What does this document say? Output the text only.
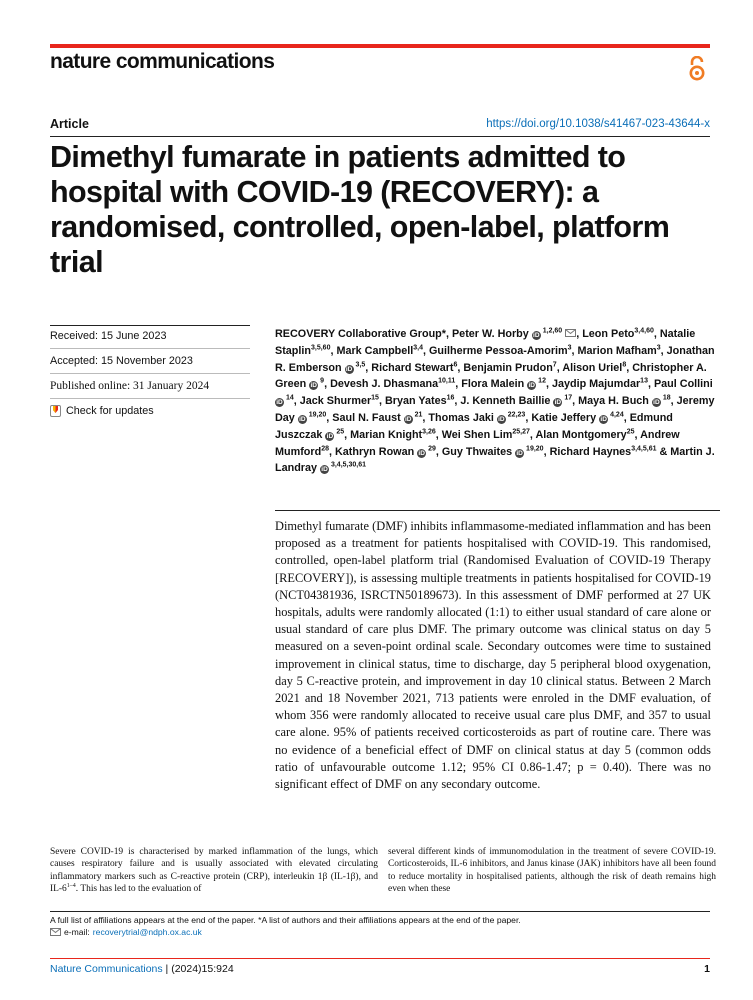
nature communications
Article	https://doi.org/10.1038/s41467-023-43644-x
Dimethyl fumarate in patients admitted to hospital with COVID-19 (RECOVERY): a randomised, controlled, open-label, platform trial
Received: 15 June 2023
Accepted: 15 November 2023
Published online: 31 January 2024
Check for updates

RECOVERY Collaborative Group*, Peter W. Horby iD $^{1,2,60}$ , Leon Peto$^{3,4,60}$, Natalie Staplin$^{3,5,60}$, Mark Campbell$^{3,4}$, Guilherme Pessoa-Amorim$^3$, Marion Mafham$^3$, Jonathan R. Emberson iD $^{3,5}$, Richard Stewart$^6$, Benjamin Prudon$^7$, Alison Uriel$^8$, Christopher A. Green iD $^9$, Devesh J. Dhasmana$^{10,11}$, Flora Malein iD $^{12}$, Jaydip Majumdar$^{13}$, Paul Collini iD $^{14}$, Jack Shurmer$^{15}$, Bryan Yates$^{16}$, J. Kenneth Baillie iD $^{17}$, Maya H. Buch iD $^{18}$, Jeremy Day iD $^{19,20}$, Saul N. Faust iD $^{21}$, Thomas Jaki iD $^{22,23}$, Katie Jeffery iD $^{4,24}$, Edmund Juszczak iD $^{25}$, Marian Knight$^{3,26}$, Wei Shen Lim$^{25,27}$, Alan Montgomery$^{25}$, Andrew Mumford$^{28}$, Kathryn Rowan iD $^{29}$, Guy Thwaites iD $^{19,20}$, Richard Haynes$^{3,4,5,61}$ & Martin J. Landray iD $^{3,4,5,30,61}$

Dimethyl fumarate (DMF) inhibits inflammasome-mediated inflammation and has been proposed as a treatment for patients hospitalised with COVID-19. This randomised, controlled, open-label platform trial (Randomised Evaluation of COVID-19 Therapy [RECOVERY]), is assessing multiple treatments in patients hospitalised for COVID-19 (NCT04381936, ISRCTN50189673). In this assessment of DMF performed at 27 UK hospitals, adults were randomly allocated (1:1) to either usual standard of care alone or usual standard of care plus DMF. The primary outcome was clinical status on day 5 measured on a seven-point ordinal scale. Secondary outcomes were time to sustained improvement in clinical status, time to discharge, day 5 peripheral blood oxygenation, day 5 C-reactive protein, and improvement in day 10 clinical status. Between 2 March 2021 and 18 November 2021, 713 patients were enroled in the DMF evaluation, of whom 356 were randomly allocated to receive usual care plus DMF, and 357 to usual care alone. 95% of patients received corticosteroids as part of routine care. There was no evidence of a beneficial effect of DMF on clinical status at day 5 (common odds ratio of unfavourable outcome 1.12; 95% CI 0.86-1.47; p = 0.40). There was no significant effect of DMF on any secondary outcome.

Severe COVID-19 is characterised by marked inflammation of the lungs, which causes respiratory failure and is usually associated with elevated circulating inflammatory markers such as C-reactive protein (CRP), interleukin 1β (IL-1β), and IL-6$^{1-4}$. This has led to the evaluation of

several different kinds of immunomodulation in the treatment of severe COVID-19. Corticosteroids, IL-6 inhibitors, and Janus kinase (JAK) inhibitors have all been found to reduce mortality in hospitalised patients, although the risk of death remains high even when these

A full list of affiliations appears at the end of the paper. *A list of authors and their affiliations appears at the end of the paper.
e-mail: recoverytrial@ndph.ox.ac.uk
Nature Communications | (2024)15:924	1
